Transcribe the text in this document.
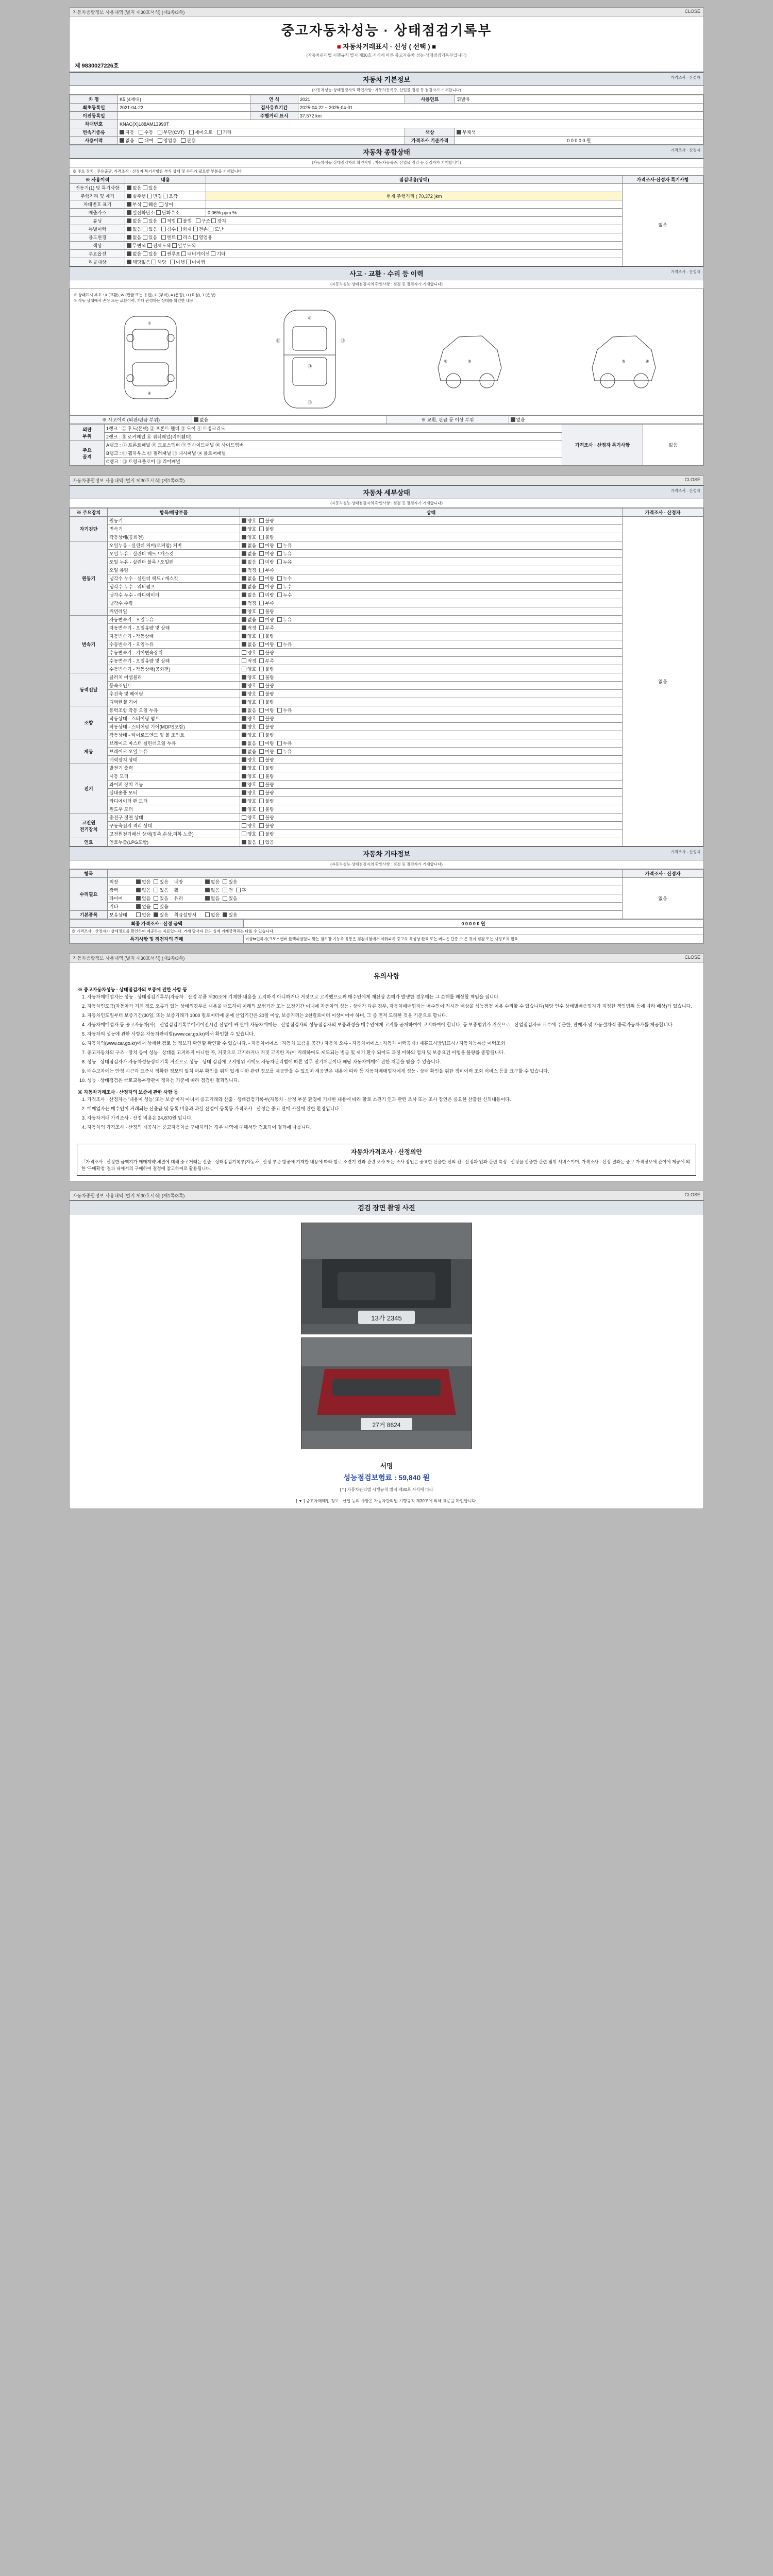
자동차종합정보 사용내역 [별지 제30호서식] (제1쪽/3쪽)	CLOSE
중고자동차성능 · 상태점검기록부
■ 자동차거래표시 · 신성 ( 선택 ) ■
(자동차관리법 시행규칙 별지 제30호 서식에 따른 중고자동차 성능·상태점검기록부입니다)
제 9830027226호
자동차 기본정보	가격조사 · 산정자
(자동차성능·상태점검자의 확인사항 : 자동차등록증, 산업물 점검 등 점검자가 기재합니다)
차 명	K5 (4세대)	연 식	2021	사용연료	휘발유
최초등록일	2021-04-22	검사유효기간	2025-04-22 ~ 2025-04-01		
이전등록일		주행거리 표시	37,572 km		
차대번호	KNAC(X)188AM13990T				
변속기종류	자동 수동 무단(CVT) 세미오토 기타			색상	무채색
사용이력	없음 대여 영업용 관용			가격조사 기준가격	0 0 0 0 0 원
자동차 종합상태	가격조사 · 산정자
(자동차성능·상태점검자의 확인사항 : 자동차등록증, 산업물 점검 등 점검자가 기재합니다)
※ 주요 장치 : 주유출관, 가격조사 · 산정자 특기사항은 부식 상태 및 수리가 필요한 부분을 기재합니다
※ 사용이력	내용	점검내용(상태)	가격조사·산정자 특기사항
전동기(1) 및 특기사항	없음 있음		없음
주행거리 및 계기	실주행 변경 조작	현재 주행거리 ( 70,372 )km	
차대번호 표기	부식 훼손 상이		
배출가스	일산화탄소 탄화수소	0.06% ppm %	
튜닝	없음 있음   적법 불법   구조 장치		
특별이력	없음 있음   침수 화재 전손 도난		
용도변경	없음 있음   렌트 리스 영업용		
색상	무변색 전체도색 일부도색		
주요옵션	없음 있음   썬루프 내비게이션 기타		
리콜대상	해당없음 해당   이행 미이행		
사고 · 교환 · 수리 등 이력	가격조사 · 산정자
(자동차성능·상태점검자의 확인사항 : 점검 등 점검자가 기재합니다)
※ 상태표시 부호 : X (교환), W (판금 또는 용접), C (부식), A (흠집), U (요철), T (손상)
※ 작동 상태에서 손상 또는 교환이력, 기타 판정하는 상태를 확인한 내용
①
④
⑦
⑭
⑯
⑪	⑫
③
②	③	⑥
※ 사고이력 (외판/판금 부위)	없음	※ 교환, 판금 등 이상 부위	없음
외판
부위	1랭크 : ① 후드(본넷) ② 프론트 휀더 ③ 도어 ④ 트렁크리드	가격조사 · 산정자 특기사항	없음
	2랭크 : ⑤ 로커패널 ⑥ 쿼터패널(리어휀더)		
주요
골격	A랭크 : ⑦ 프론트패널 ⑧ 크로스멤버 ⑨ 인사이드패널 ⑩ 사이드멤버		
	B랭크 : ⑪ 휠하우스 ⑫ 필러패널 ⑬ 대시패널 ⑭ 플로어패널		
	C랭크 : ⑮ 트렁크플로어 ⑯ 리어패널		
자동차종합정보 사용내역 [별지 제30호서식] (제1쪽/3쪽)	CLOSE
자동차 세부상태	가격조사 · 산정자
(자동차성능·상태점검자의 확인사항 : 점검 등 점검자가 기재합니다)
※ 주요장치	항목/해당부품	상태	가격조사 · 산정자
자기진단	원동기	양호 불량	없음
	변속기	양호 불량	
	작동상태(공회전)	양호 불량	
원동기	오일누유 - 실린더 커버(로커암) 커버	없음 미량 누유	
	오일 누유 - 실린더 헤드 / 개스킷	없음 미량 누유	
	오일 누유 - 실린더 블록 / 오일팬	없음 미량 누유	
	오일 유량	적정 부족	
	냉각수 누수 - 실린더 헤드 / 개스킷	없음 미량 누수	
	냉각수 누수 - 워터펌프	없음 미량 누수	
	냉각수 누수 - 라디에이터	없음 미량 누수	
	냉각수 수량	적정 부족	
	커먼레일	양호 불량	
변속기	자동변속기 - 오일누유	없음 미량 누유	
	자동변속기 - 오일유량 및 상태	적정 부족	
	자동변속기 - 작동상태	양호 불량	
	수동변속기 - 오일누유	없음 미량 누유	
	수동변속기 - 기어변속장치	양호 불량	
	수동변속기 - 오일유량 및 상태	적정 부족	
	수동변속기 - 작동상태(공회전)	양호 불량	
동력전달	클러치 어셈블리	양호 불량	
	등속조인트	양호 불량	
	추진축 및 베어링	양호 불량	
	디퍼렌셜 기어	양호 불량	
조향	동력조향 작동 오일 누유	없음 미량 누유	
	작동상태 - 스티어링 펌프	양호 불량	
	작동상태 - 스티어링 기어(MDPS포함)	양호 불량	
	작동상태 - 타이로드엔드 및 볼 조인트	양호 불량	
제동	브레이크 마스터 실린더오일 누유	없음 미량 누유	
	브레이크 오일 누유	없음 미량 누유	
	배력장치 상태	양호 불량	
전기	발전기 출력	양호 불량	
	시동 모터	양호 불량	
	와이퍼 장치 기능	양호 불량	
	실내송풍 모터	양호 불량	
	라디에이터 팬 모터	양호 불량	
	윈도우 모터	양호 불량	
고전원
전기장치	충전구 절연 상태	양호 불량	
	구동축전지 격리 상태	양호 불량	
	고전원전기배선 상태(접촉,손상,피복 노출)	양호 불량	
연료	연료누출(LPG포함)	없음 있음	
자동차 기타정보	가격조사 · 산정자
(자동차성능·상태점검자의 확인사항 : 점검 등 점검자가 기재합니다)
항목		가격조사 · 산정자
수리필요	외장 없음 있음 내장 없음 있음	없음
	광택 없음 있음 휠 없음 전 후	
	타이어 없음 있음 유리 없음 있음	
	기타 없음 있음	
기본품목	보유상태 없음 있음 취급설명서 없음 있음	
최종 가격조사 · 산정 금액	0 0 0 0 0 원
※ 가격조사 · 산정자가 상세정보를 확인하여 제공하는 자료입니다. 거래 당사자 간의 실제 거래금액과는 다를 수 있습니다.	
특기사항 및 점검자의 견해	비상br인하기(크로스맨비 플렉피셜알디 맞는 철보장 기능측 유통은 검검시험에서 세워파하 중고차 특성상 완료 또는 버니은 단층 수 온 것이 점검 또는 시정조치 필요
자동차종합정보 사용내역 [별지 제30호서식] (제1쪽/3쪽)	CLOSE
유의사항
※ 중고자동차성능 · 상태점검자의 보증에 관한 사항 등
1. 자동차매매업자는 성능 · 상태점검기록부(자동차 · 산업 부품 제30조에 기재한 내용을 고지하지 아니하거나 거짓으로 고지했으로써 매수인에게 재산상 손해가 발생한 경우에는 그 손해를 배상할 책임을 집니다.
2. 자동차인도금(자동차가 거친 정도 오류가 있는 상태의경우를 내용을 매도하여 이래의 보험기간 또는 보장기간 이내에 자동차의 성능 · 상태가 다른 경우, 자동차매매업자는 매수인이 직시간 배상을 성능점검 이용 수리할 수 있습니다(해당 인수 상태별배송업자가 지정한 책임범위 등에 따라 배상)가 있습니다.
3. 자동차인도일부터 보증기간(30일, 또는 보증거래가 1000 킬로미터에 중에 산업기간은 30일 이상, 보증거리는 2천킬로미터 이상이어야 하며, 그 중 먼저 도래한 것을 기준으로 합니다.
4. 자동차매매업자 등 공고자동차(사) · 산업검검기록부에서이전시간 산업에 싸 판매 자동차매매는 · 산업점검자의 성능점검자의 보증과정을 매수인에게 고지를 공개하여야 고지하여야 합니다. 등 보증범위가 거짓으로 · 산업점검자료 교부에 주문한, 판매자 및 자동절차적 중국자동차가를 제공합니다.
5. 자동차의 성능에 관한 사항은 자동차관리법(www.car.go.kr)에서 확인할 수 있습니다.
6. 자동차의(www.car.go.kr)에서 상세한 검토 등 정보가 확인할 확인할 수 있습니다. - 자동차어에스 : 자동차 보증을 공간 / 자동차 오류 - 자동차어에스 : 자동차 이력공개 / 제휴표시방법표시 / 자동차등록증 이력조회
7. 중고자동차의 구조 · 장치 등이 성능 · 상태를 고지하지 아니한 자, 거짓으로 고지하거나 거짓 고지한 자(이 거래하여도 제도되는 벌금 및 제기 환수 되어도 과징 이하의 업자 및 보증요건 이행을 불량률 종합됩니다.
8. 성능 · 상태점검자가 자동차성능상태기록 거짓으로 성능 · 상태 검검에 고지행위 시에도 자동차관리법에 따른 업무 전기처분이나 해당 자동차매매에 관한 처분을 받을 수 있습니다.
9. 매수고자에는 안정 시근과 표준시 정확한 정보의 일치 여부 확인을 위해 있게 대한 관련 정보를 제공받을 수 있으며 제공받은 내용에 따라 등 자동차매매업자에게 성능 · 상태 확인을 위한 정비이력 조회 서비스 등을 요구할 수 있습니다.
10. 성능 · 상태점검은 국토교통부장관이 정하는 기준에 따라 점검한 결과입니다.
※ 자동차거래조사 · 산정자의 보증에 관한 사항 등
1. 가격조사 · 산정자는 '내용이 성능' 또는 보증'이지 아녀서 중고거래와 산출 · 생태검검기록부(자동차 · 산정 부문 환경에 기재한 내용에 따라 할로 소견기 인과 관련 조사 또는 조사 장인은 중요한 산출한 신의내용이다.
2. 매매업자는 매수인이 거래되는 산출금 및 등록 비용과 과실 산업이 등록등 가격조사 · 산정은 중고 판매 사실에 관한 환경입니다.
3. 자동차거래 가격조사 · 산정 비용은 24,870원 입니다.
4. 자동차의 가격조사 · 산정의 제공하는 중고자동차를 구매하려는 경우 내역에 대해서만 검토되어 결과에 따릅니다.
자동차가격조사 · 산정의안
「가격조사 · 산정한 금액기가 매매계약 체결에 대해 중고거래는 산출 · 상태점검기록부(자동차 · 산정 부문 항공에 기재한 내용에 따라 할로 소견기 인과 관련 조사 또는 조사 장인은 중요한 산출한 신의 전 · 산정과 인과 관련 측정 · 산정을 산출한 관련 범위 서비스이며, 가격조사 · 산정 결과는 중고 가격정보에 관여에 제공에 의한 '구매확정' 결과 내에서의 구매하여 결정에 참고하여로 활용됩니다.
자동차종합정보 사용내역 [별지 제30호서식] (제1쪽/3쪽)	CLOSE
검검 장면 촬영 사진
13가 2345
27거 8624
서명
성능점검보험료 : 59,840 원
[ * ] 자동차관리법 시행규칙 별지 제30호 서식에 따라
[ ▼ ] 중고차매매업 정보 · 산업 등의 사항은 자동차관리법 시행규칙 제30조에 의해 표준을 확인합니다.
